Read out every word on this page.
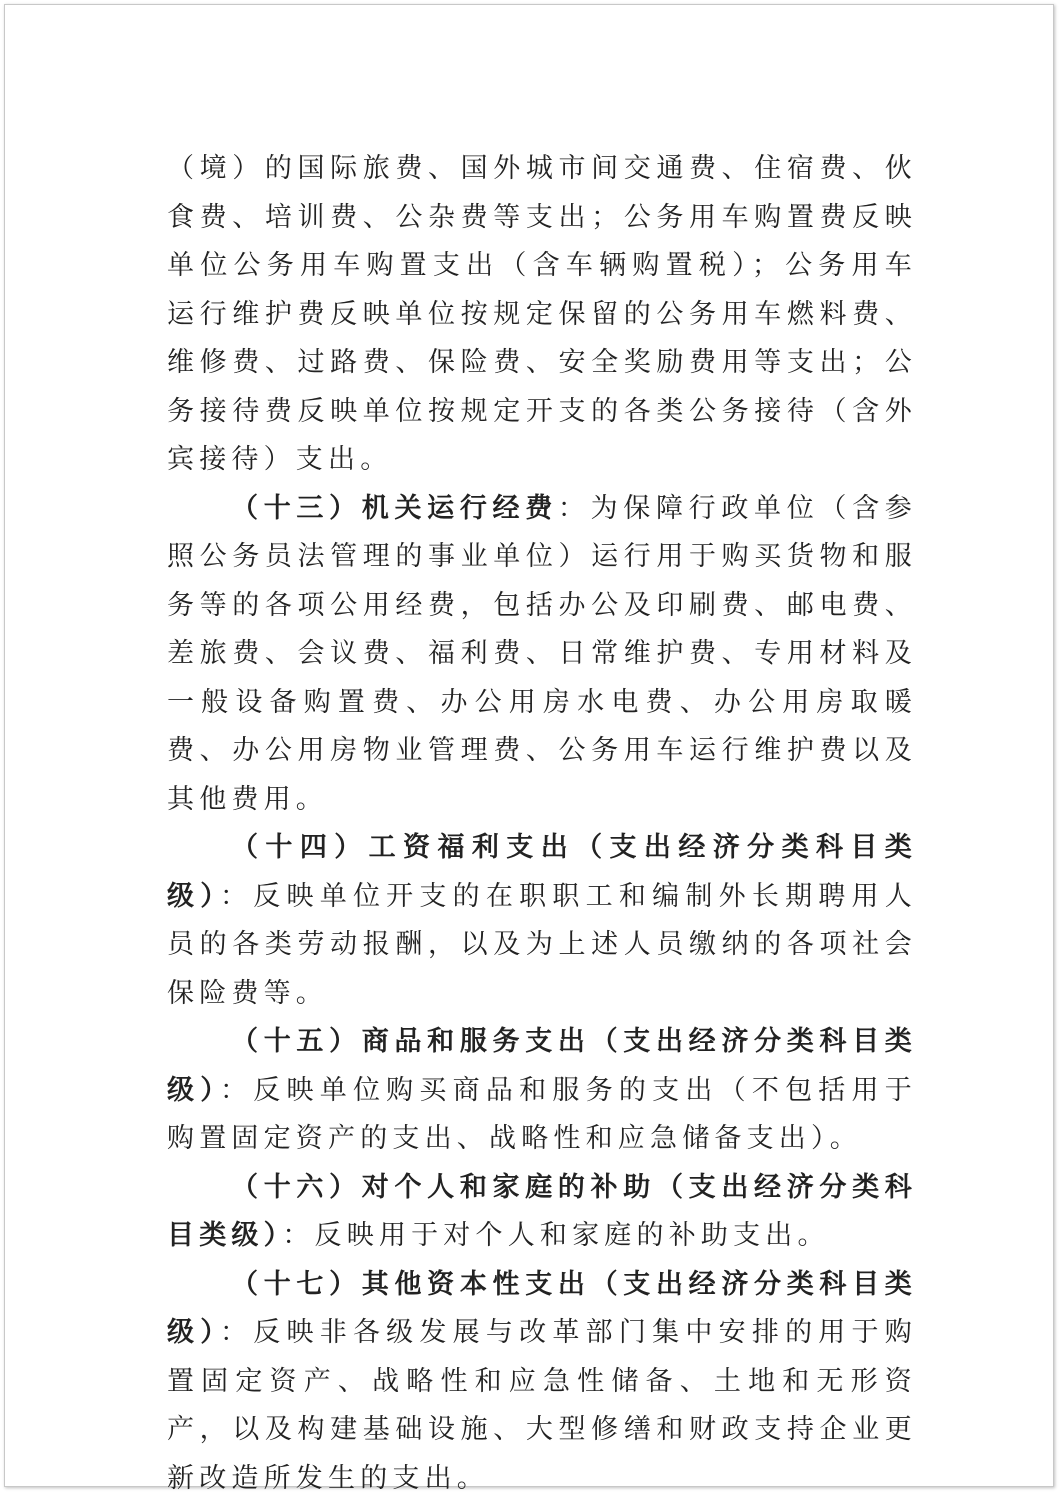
（境）的国际旅费、国外城市间交通费、住宿费、伙食费、培训费、公杂费等支出；公务用车购置费反映单位公务用车购置支出（含车辆购置税）；公务用车运行维护费反映单位按规定保留的公务用车燃料费、维修费、过路费、保险费、安全奖励费用等支出；公务接待费反映单位按规定开支的各类公务接待（含外宾接待）支出。

（十三）机关运行经费：为保障行政单位（含参照公务员法管理的事业单位）运行用于购买货物和服务等的各项公用经费，包括办公及印刷费、邮电费、差旅费、会议费、福利费、日常维护费、专用材料及一般设备购置费、办公用房水电费、办公用房取暖费、办公用房物业管理费、公务用车运行维护费以及其他费用。

（十四）工资福利支出（支出经济分类科目类级）：反映单位开支的在职职工和编制外长期聘用人员的各类劳动报酬，以及为上述人员缴纳的各项社会保险费等。

（十五）商品和服务支出（支出经济分类科目类级）：反映单位购买商品和服务的支出（不包括用于购置固定资产的支出、战略性和应急储备支出）。

（十六）对个人和家庭的补助（支出经济分类科目类级）：反映用于对个人和家庭的补助支出。

（十七）其他资本性支出（支出经济分类科目类级）：反映非各级发展与改革部门集中安排的用于购置固定资产、战略性和应急性储备、土地和无形资产，以及构建基础设施、大型修缮和财政支持企业更新改造所发生的支出。
